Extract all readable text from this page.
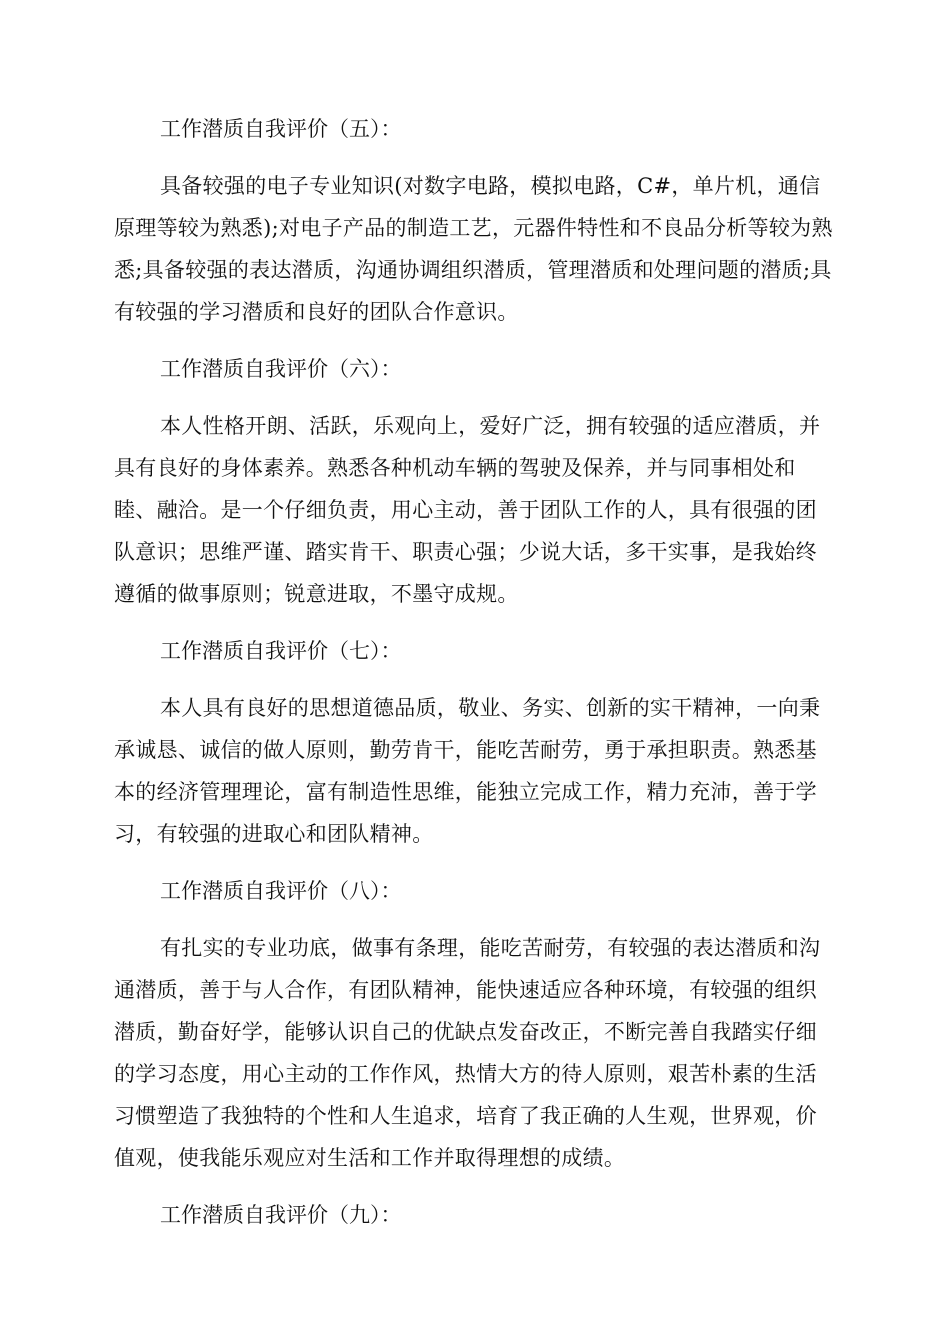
工作潜质自我评价（五）：

具备较强的电子专业知识(对数字电路，模拟电路，C#，单片机，通信原理等较为熟悉);对电子产品的制造工艺，元器件特性和不良品分析等较为熟悉;具备较强的表达潜质，沟通协调组织潜质，管理潜质和处理问题的潜质;具有较强的学习潜质和良好的团队合作意识。

工作潜质自我评价（六）：

本人性格开朗、活跃，乐观向上，爱好广泛，拥有较强的适应潜质，并具有良好的身体素养。熟悉各种机动车辆的驾驶及保养，并与同事相处和睦、融洽。是一个仔细负责，用心主动，善于团队工作的人，具有很强的团队意识；思维严谨、踏实肯干、职责心强；少说大话，多干实事，是我始终遵循的做事原则；锐意进取，不墨守成规。

工作潜质自我评价（七）：

本人具有良好的思想道德品质，敬业、务实、创新的实干精神，一向秉承诚恳、诚信的做人原则，勤劳肯干，能吃苦耐劳，勇于承担职责。熟悉基本的经济管理理论，富有制造性思维，能独立完成工作，精力充沛，善于学习，有较强的进取心和团队精神。

工作潜质自我评价（八）：

有扎实的专业功底，做事有条理，能吃苦耐劳，有较强的表达潜质和沟通潜质，善于与人合作，有团队精神，能快速适应各种环境，有较强的组织潜质，勤奋好学，能够认识自己的优缺点发奋改正，不断完善自我踏实仔细的学习态度，用心主动的工作作风，热情大方的待人原则，艰苦朴素的生活习惯塑造了我独特的个性和人生追求，培育了我正确的人生观，世界观，价值观，使我能乐观应对生活和工作并取得理想的成绩。

工作潜质自我评价（九）：
